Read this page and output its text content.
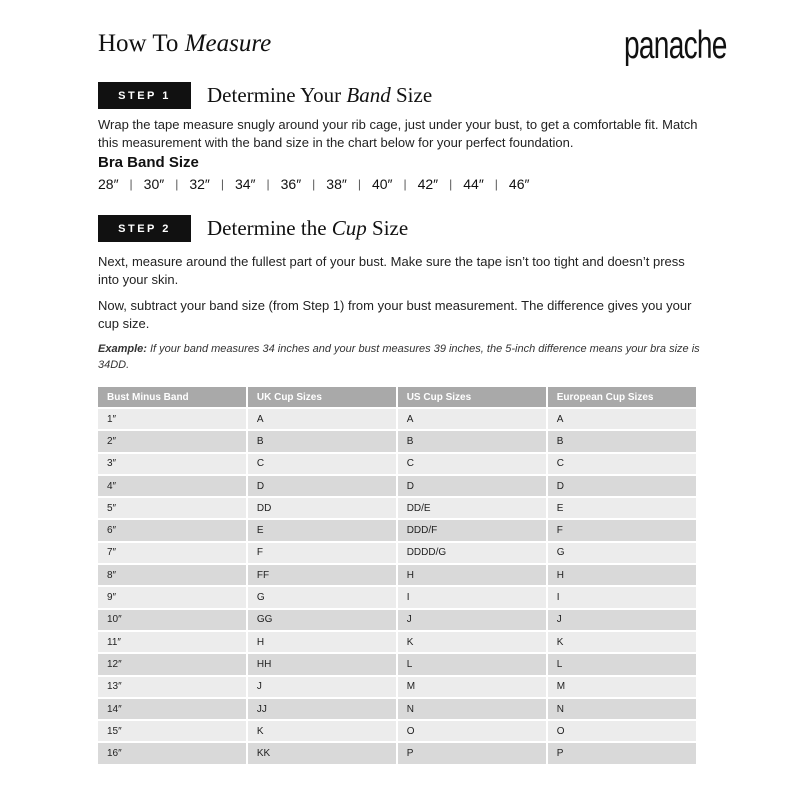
How To Measure	panache
STEP 1	Determine Your Band Size

Wrap the tape measure snugly around your rib cage, just under your bust, to get a comfortable fit. Match this measurement with the band size in the chart below for your perfect foundation.

Bra Band Size
28″ | 30″ | 32″ | 34″ | 36″ | 38″ | 40″ | 42″ | 44″ | 46″
STEP 2	Determine the Cup Size

Next, measure around the fullest part of your bust. Make sure the tape isn’t too tight and doesn’t press into your skin.

Now, subtract your band size (from Step 1) from your bust measurement. The difference gives you your cup size.

Example: If your band measures 34 inches and your bust measures 39 inches, the 5-inch difference means your bra size is 34DD.

Bust Minus Band	UK Cup Sizes	US Cup Sizes	European Cup Sizes
1″	A	A	A
2″	B	B	B
3″	C	C	C
4″	D	D	D
5″	DD	DD/E	E
6″	E	DDD/F	F
7″	F	DDDD/G	G
8″	FF	H	H
9″	G	I	I
10″	GG	J	J
11″	H	K	K
12″	HH	L	L
13″	J	M	M
14″	JJ	N	N
15″	K	O	O
16″	KK	P	P
